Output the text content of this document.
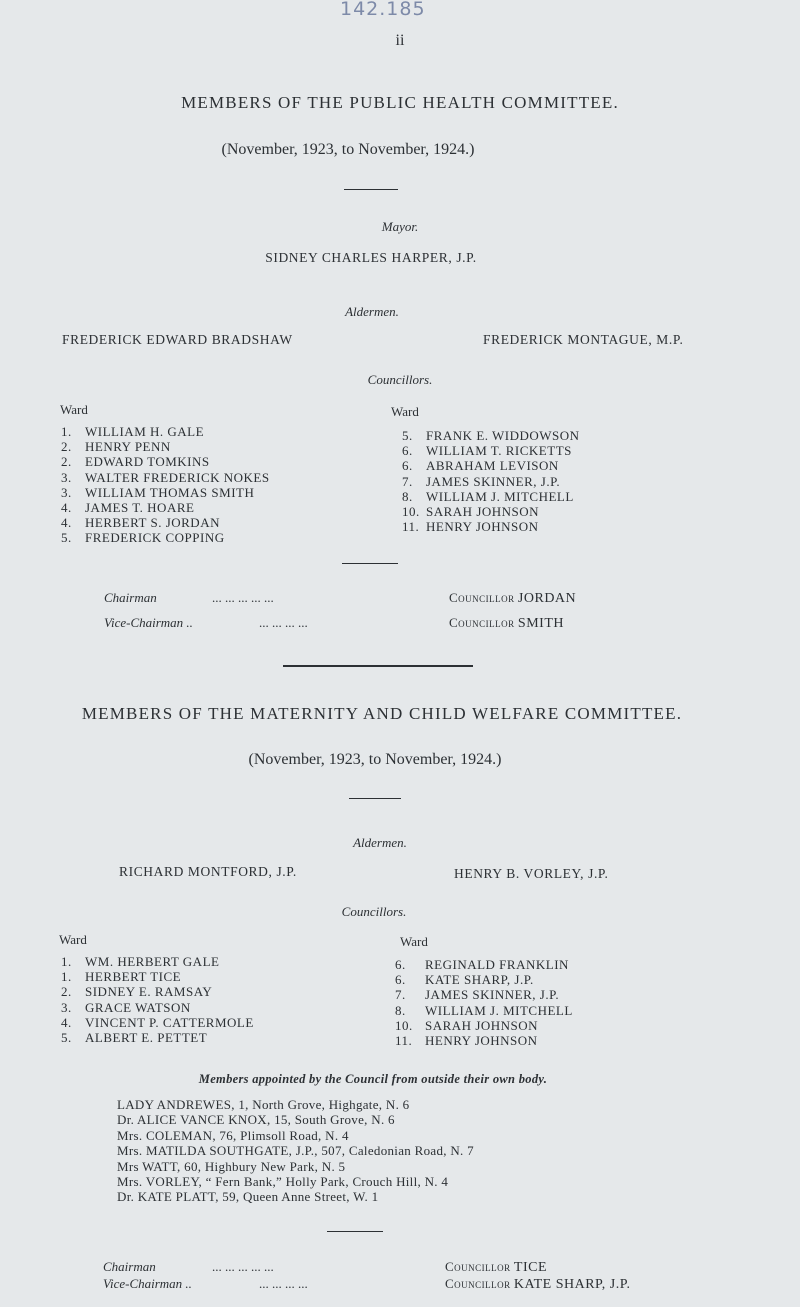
142.185
ii
MEMBERS OF THE PUBLIC HEALTH COMMITTEE.
(November, 1923, to November, 1924.)
Mayor.
SIDNEY CHARLES HARPER, J.P.
Aldermen.
FREDERICK EDWARD BRADSHAW	FREDERICK MONTAGUE, M.P.
Councillors.
Ward	Ward
1. WILLIAM H. GALE
2. HENRY PENN
2. EDWARD TOMKINS
3. WALTER FREDERICK NOKES
3. WILLIAM THOMAS SMITH
4. JAMES T. HOARE
4. HERBERT S. JORDAN
5. FREDERICK COPPING
5. FRANK E. WIDDOWSON
6. WILLIAM T. RICKETTS
6. ABRAHAM LEVISON
7. JAMES SKINNER, J.P.
8. WILLIAM J. MITCHELL
10. SARAH JOHNSON
11. HENRY JOHNSON
Chairman	... ... ... ... ...	Councillor JORDAN
Vice-Chairman ..	... ... ... ...	Councillor SMITH
MEMBERS OF THE MATERNITY AND CHILD WELFARE COMMITTEE.
(November, 1923, to November, 1924.)
Aldermen.
RICHARD MONTFORD, J.P.	HENRY B. VORLEY, J.P.
Councillors.
Ward	Ward
1. WM. HERBERT GALE
1. HERBERT TICE
2. SIDNEY E. RAMSAY
3. GRACE WATSON
4. VINCENT P. CATTERMOLE
5. ALBERT E. PETTET
6. REGINALD FRANKLIN
6. KATE SHARP, J.P.
7. JAMES SKINNER, J.P.
8. WILLIAM J. MITCHELL
10. SARAH JOHNSON
11. HENRY JOHNSON
Members appointed by the Council from outside their own body.
LADY ANDREWES, 1, North Grove, Highgate, N. 6
Dr. ALICE VANCE KNOX, 15, South Grove, N. 6
Mrs. COLEMAN, 76, Plimsoll Road, N. 4
Mrs. MATILDA SOUTHGATE, J.P., 507, Caledonian Road, N. 7
Mrs WATT, 60, Highbury New Park, N. 5
Mrs. VORLEY, “ Fern Bank,” Holly Park, Crouch Hill, N. 4
Dr. KATE PLATT, 59, Queen Anne Street, W. 1
Chairman	... ... ... ... ...	Councillor TICE
Vice-Chairman ..	... ... ... ...	Councillor KATE SHARP, J.P.
